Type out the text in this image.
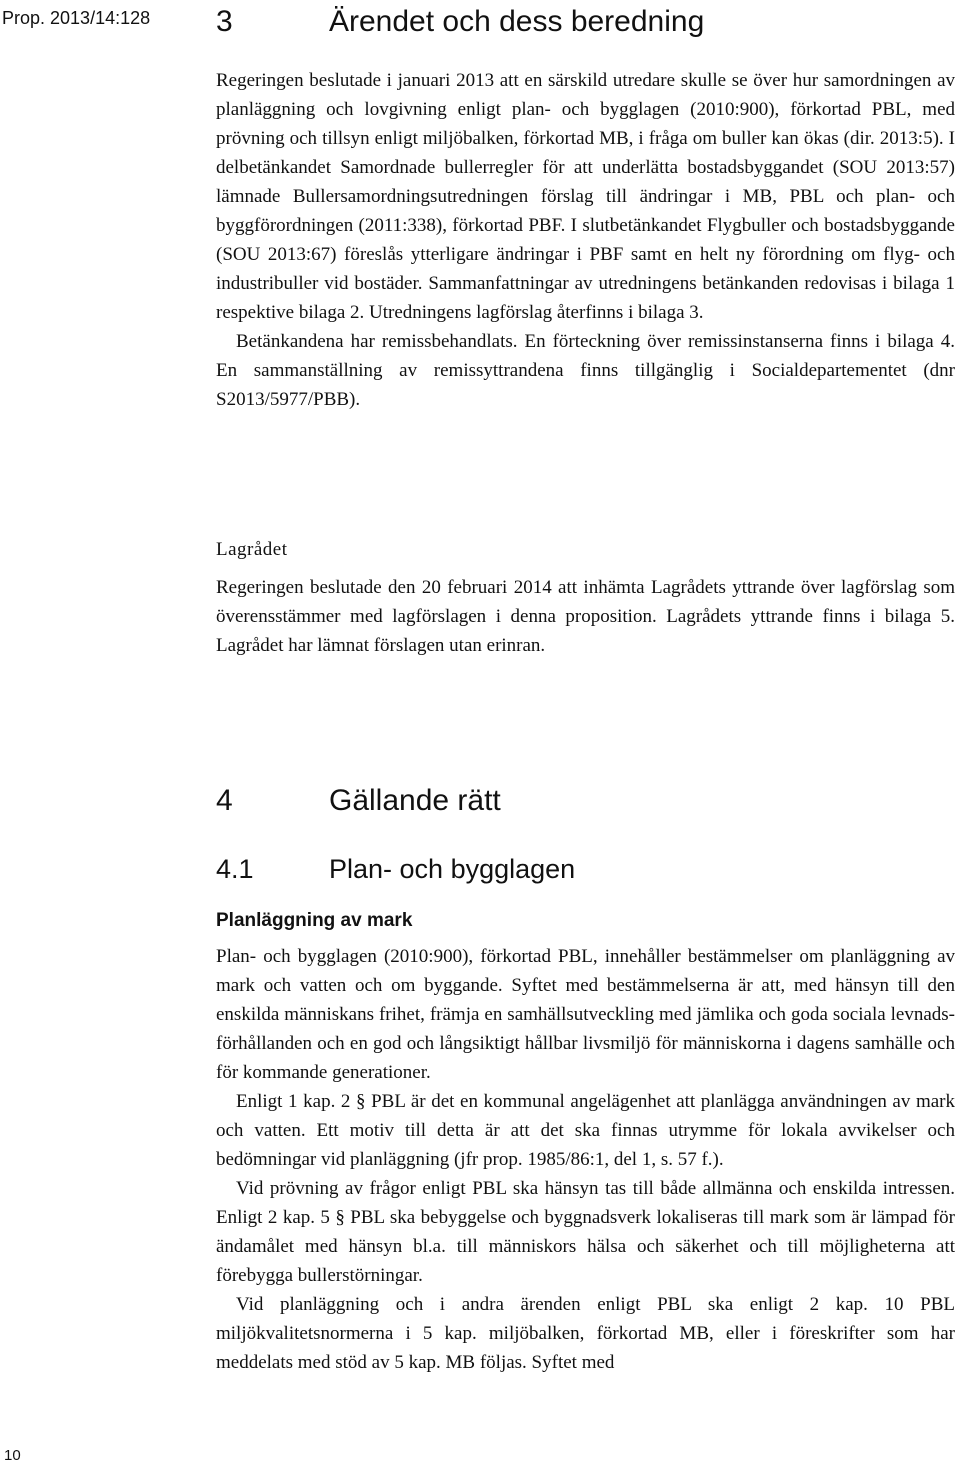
Prop. 2013/14:128 3	Ärendet och dess beredning

Regeringen beslutade i januari 2013 att en särskild utredare skulle se över hur samordningen av planläggning och lovgivning enligt plan- och bygglagen (2010:900), förkortad PBL, med prövning och tillsyn enligt miljöbalken, förkortad MB, i fråga om buller kan ökas (dir. 2013:5). I delbetänkandet Samordnade bullerregler för att underlätta bostadsbyggandet (SOU 2013:57) lämnade Bullersamordningsutredningen förslag till ändringar i MB, PBL och plan- och byggförordningen (2011:338), förkortad PBF. I slutbetänkandet Flygbuller och bostadsbyggande (SOU 2013:67) föreslås ytterligare ändringar i PBF samt en helt ny förordning om flyg- och industribuller vid bostäder. Sammanfattningar av utredningens betänkanden redovisas i bilaga 1 respektive bilaga 2. Utredningens lagförslag återfinns i bilaga 3.

Betänkandena har remissbehandlats. En förteckning över remissinstanserna finns i bilaga 4. En sammanställning av remissyttrandena finns tillgänglig i Socialdepartementet (dnr S2013/5977/PBB).

Lagrådet

Regeringen beslutade den 20 februari 2014 att inhämta Lagrådets yttrande över lagförslag som överensstämmer med lagförslagen i denna proposition. Lagrådets yttrande finns i bilaga 5. Lagrådet har lämnat förslagen utan erinran.

4	Gällande rätt
4.1	Plan- och bygglagen
Planläggning av mark

Plan- och bygglagen (2010:900), förkortad PBL, innehåller bestämmelser om planläggning av mark och vatten och om byggande. Syftet med bestämmelserna är att, med hänsyn till den enskilda människans frihet, främja en samhällsutveckling med jämlika och goda sociala levnadsförhållanden och en god och långsiktigt hållbar livsmiljö för människorna i dagens samhälle och för kommande generationer.

Enligt 1 kap. 2 § PBL är det en kommunal angelägenhet att planlägga användningen av mark och vatten. Ett motiv till detta är att det ska finnas utrymme för lokala avvikelser och bedömningar vid planläggning (jfr prop. 1985/86:1, del 1, s. 57 f.).

Vid prövning av frågor enligt PBL ska hänsyn tas till både allmänna och enskilda intressen. Enligt 2 kap. 5 § PBL ska bebyggelse och byggnadsverk lokaliseras till mark som är lämpad för ändamålet med hänsyn bl.a. till människors hälsa och säkerhet och till möjligheterna att förebygga bullerstörningar.

Vid planläggning och i andra ärenden enligt PBL ska enligt 2 kap. 10 PBL miljökvalitetsnormerna i 5 kap. miljöbalken, förkortad MB, eller i föreskrifter som har meddelats med stöd av 5 kap. MB följas. Syftet med

10
